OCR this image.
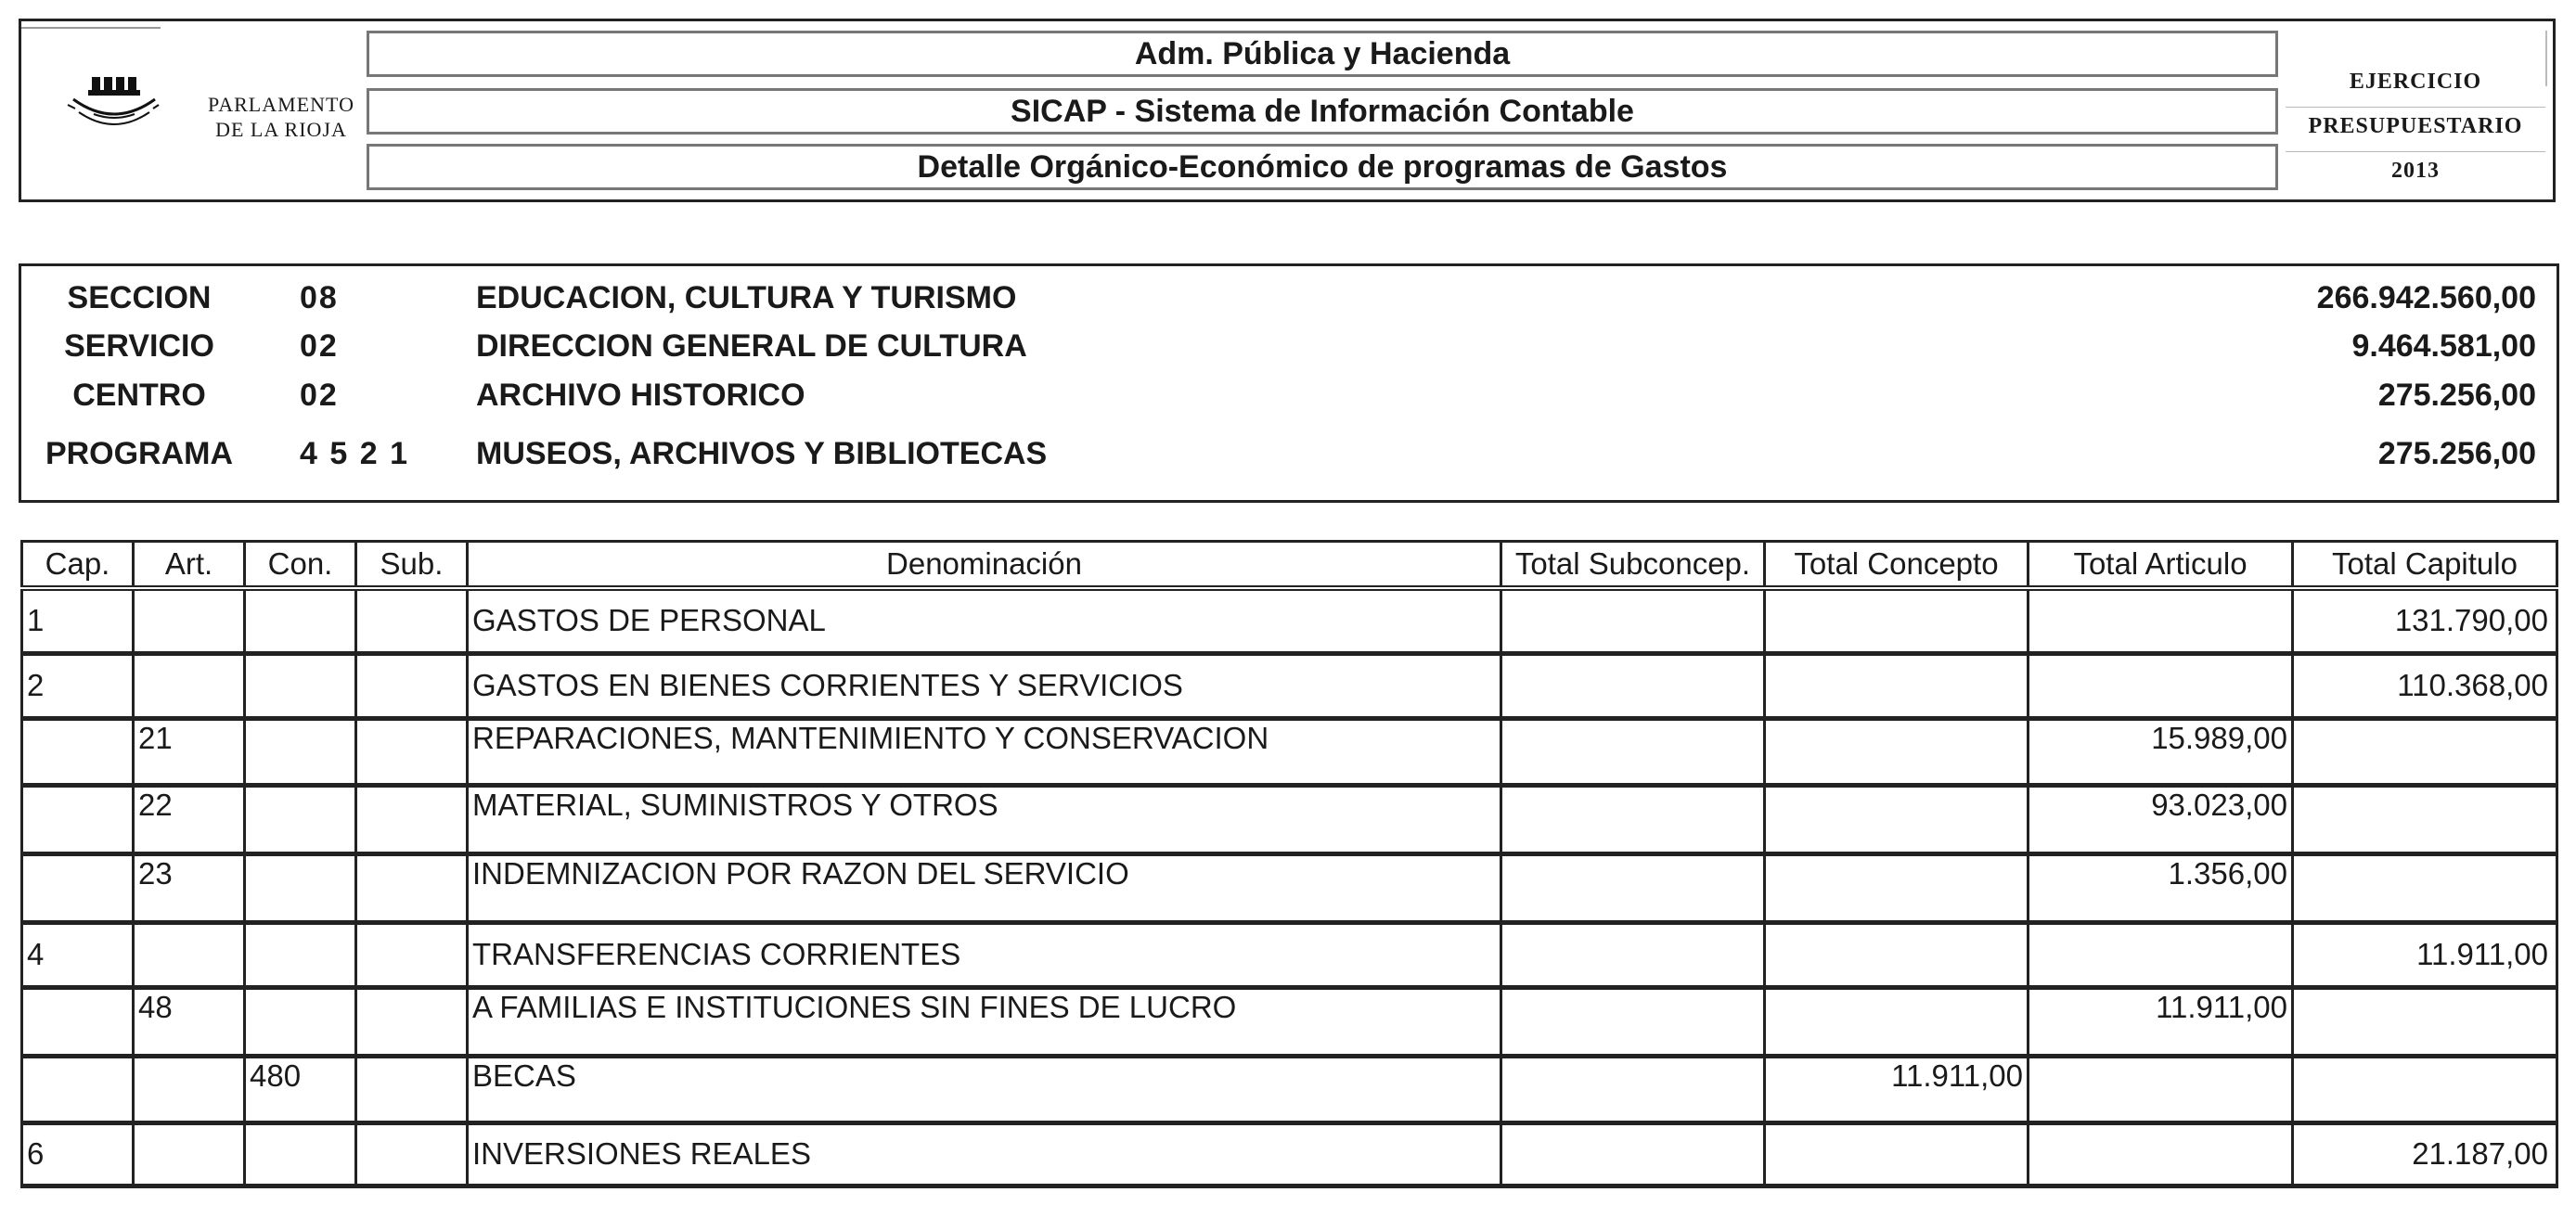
PARLAMENTO
DE LA RIOJA
Adm. Pública y Hacienda
SICAP - Sistema de Información Contable
Detalle Orgánico-Económico de programas de Gastos
EJERCICIO
PRESUPUESTARIO
2013
SECCION	08	EDUCACION, CULTURA Y TURISMO	266.942.560,00
SERVICIO	02	DIRECCION GENERAL DE CULTURA	9.464.581,00
CENTRO	02	ARCHIVO HISTORICO	275.256,00
PROGRAMA	4 5 2 1 MUSEOS, ARCHIVOS Y BIBLIOTECAS	275.256,00
Cap.	Art.	Con.	Sub.	Denominación	Total Subconcep.	Total Concepto	Total Articulo	Total Capitulo
1				GASTOS DE PERSONAL				131.790,00
2				GASTOS EN BIENES CORRIENTES Y SERVICIOS				110.368,00
	21			REPARACIONES, MANTENIMIENTO Y CONSERVACION			15.989,00	
	22			MATERIAL, SUMINISTROS Y OTROS			93.023,00	
	23			INDEMNIZACION POR RAZON DEL SERVICIO			1.356,00	
4				TRANSFERENCIAS CORRIENTES				11.911,00
	48			A FAMILIAS E INSTITUCIONES SIN FINES DE LUCRO			11.911,00	
		480		BECAS		11.911,00		
6				INVERSIONES REALES				21.187,00
